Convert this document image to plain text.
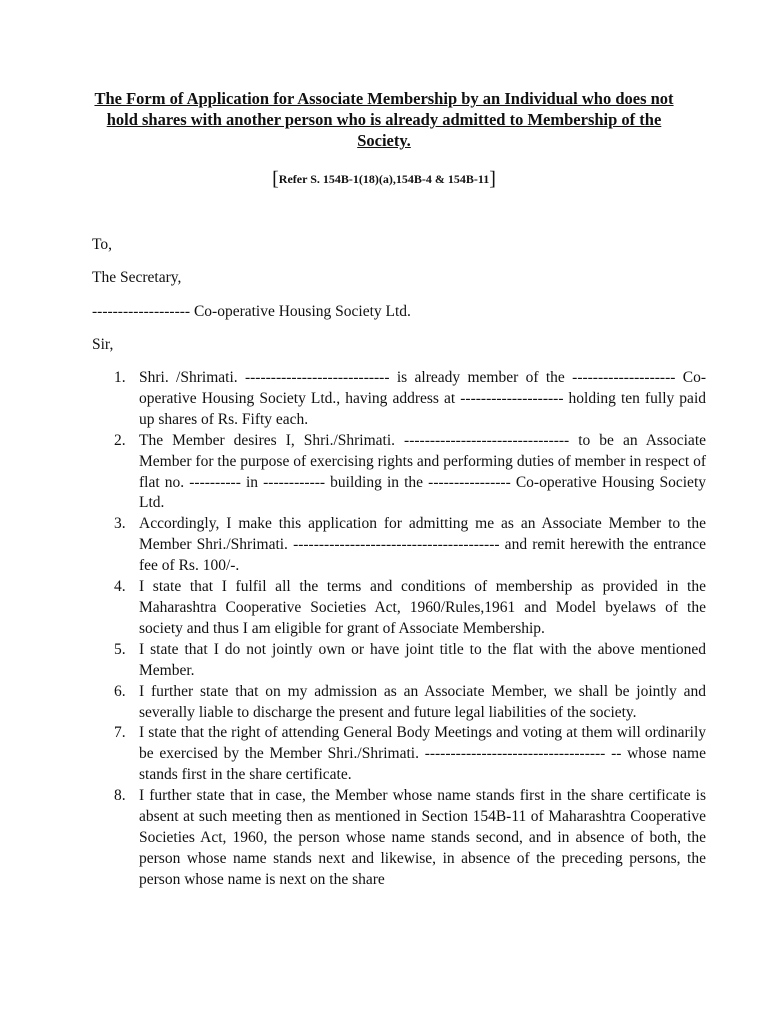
The Form of Application for Associate Membership by an Individual who does not hold shares with another person who is already admitted to Membership of the Society.
[Refer S. 154B-1(18)(a),154B-4 & 154B-11]
To,
The Secretary,
------------------- Co-operative Housing Society Ltd.
Sir,
1. Shri. /Shrimati. ---------------------------- is already member of the -------------------- Co-operative Housing Society Ltd., having address at -------------------- holding ten fully paid up shares of Rs. Fifty each.
2. The Member desires I, Shri./Shrimati. -------------------------------- to be an Associate Member for the purpose of exercising rights and performing duties of member in respect of flat no. ---------- in ------------ building in the ---------------- Co-operative Housing Society Ltd.
3. Accordingly, I make this application for admitting me as an Associate Member to the Member Shri./Shrimati. ---------------------------------------- and remit herewith the entrance fee of Rs. 100/-.
4. I state that I fulfil all the terms and conditions of membership as provided in the Maharashtra Cooperative Societies Act, 1960/Rules,1961 and Model byelaws of the society and thus I am eligible for grant of Associate Membership.
5. I state that I do not jointly own or have joint title to the flat with the above mentioned Member.
6. I further state that on my admission as an Associate Member, we shall be jointly and severally liable to discharge the present and future legal liabilities of the society.
7. I state that the right of attending General Body Meetings and voting at them will ordinarily be exercised by the Member Shri./Shrimati. ----------------------------------- -- whose name stands first in the share certificate.
8. I further state that in case, the Member whose name stands first in the share certificate is absent at such meeting then as mentioned in Section 154B-11 of Maharashtra Cooperative Societies Act, 1960, the person whose name stands second, and in absence of both, the person whose name stands next and likewise, in absence of the preceding persons, the person whose name is next on the share
